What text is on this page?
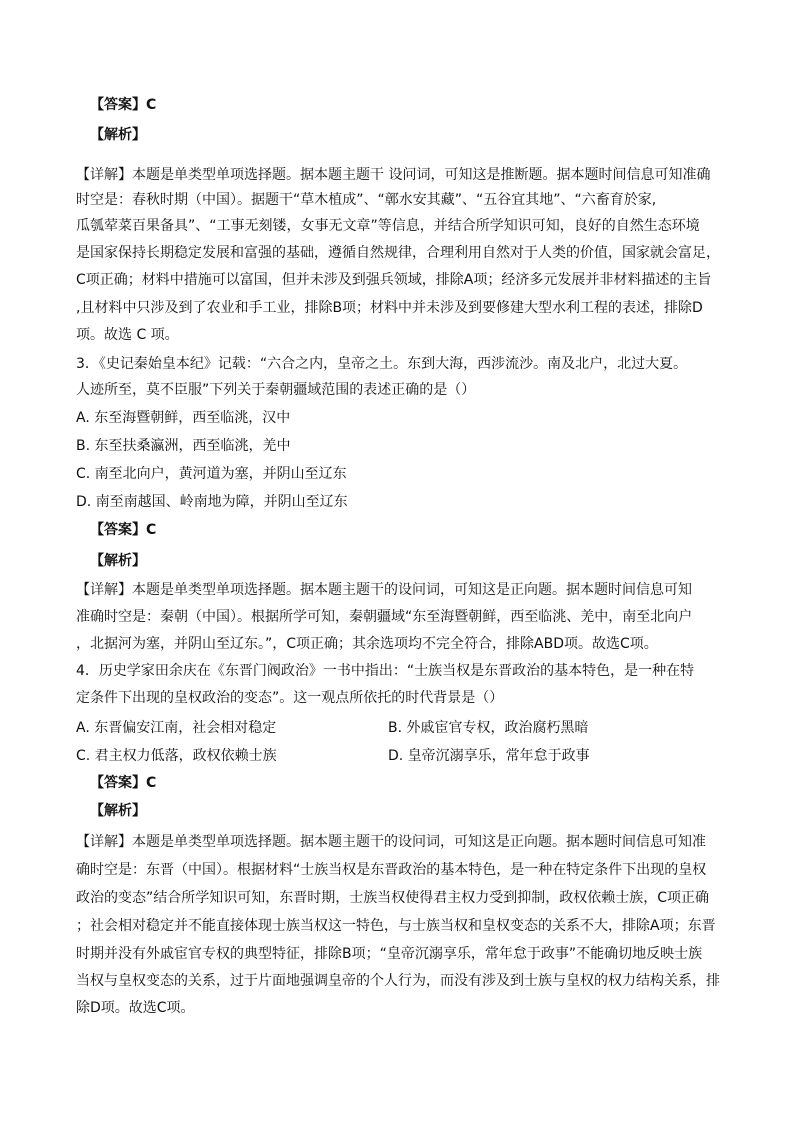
【答案】C
【解析】
【详解】本题是单类型单项选择题。据本题主题干 设问词，可知这是推断题。据本题时间信息可知准确
时空是：春秋时期（中国）。据题干“草木植成”、“鄣水安其藏”、“五谷宜其地”、“六畜育於家,
瓜瓠荤菜百果备具”、“工事无刻镂，女事无文章”等信息，并结合所学知识可知，良好的自然生态环境
是国家保持长期稳定发展和富强的基础，遵循自然规律，合理利用自然对于人类的价值，国家就会富足，
C项正确；材料中措施可以富国，但并未涉及到强兵领域，排除A项；经济多元发展并非材料描述的主旨
,且材料中只涉及到了农业和手工业，排除B项；材料中并未涉及到要修建大型水利工程的表述，排除D
项。故选 C 项。
3．《史记秦始皇本纪》记载：“六合之内，皇帝之土。东到大海，西涉流沙。南及北户，北过大夏。
人迹所至，莫不臣服”下列关于秦朝疆域范围的表述正确的是（）
A. 东至海暨朝鲜，西至临洮，汉中
B. 东至扶桑瀛洲，西至临洮，羌中
C. 南至北向户，黄河道为塞，并阴山至辽东
D. 南至南越国、岭南地为障，并阴山至辽东
【答案】C
【解析】
【详解】本题是单类型单项选择题。据本题主题干的设问词，可知这是正向题。据本题时间信息可知
准确时空是：秦朝（中国）。根据所学可知，秦朝疆域“东至海暨朝鲜，西至临洮、羌中，南至北向户
，北据河为塞，并阴山至辽东。”，C项正确；其余选项均不完全符合，排除ABD项。故选C项。
4．历史学家田余庆在《东晋门阀政治》一书中指出：“士族当权是东晋政治的基本特色，是一种在特
定条件下出现的皇权政治的变态”。这一观点所依托的时代背景是（）
A. 东晋偏安江南，社会相对稳定	B. 外戚宦官专权，政治腐朽黑暗
C. 君主权力低落，政权依赖士族	D. 皇帝沉溺享乐，常年怠于政事
【答案】C
【解析】
【详解】本题是单类型单项选择题。据本题主题干的设问词，可知这是正向题。据本题时间信息可知准
确时空是：东晋（中国）。根据材料“士族当权是东晋政治的基本特色，是一种在特定条件下出现的皇权
政治的变态”结合所学知识可知，东晋时期，士族当权使得君主权力受到抑制，政权依赖士族，C项正确
；社会相对稳定并不能直接体现士族当权这一特色，与士族当权和皇权变态的关系不大，排除A项；东晋
时期并没有外戚宦官专权的典型特征，排除B项；“皇帝沉溺享乐，常年怠于政事”不能确切地反映士族
当权与皇权变态的关系，过于片面地强调皇帝的个人行为，而没有涉及到士族与皇权的权力结构关系，排
除D项。故选C项。
